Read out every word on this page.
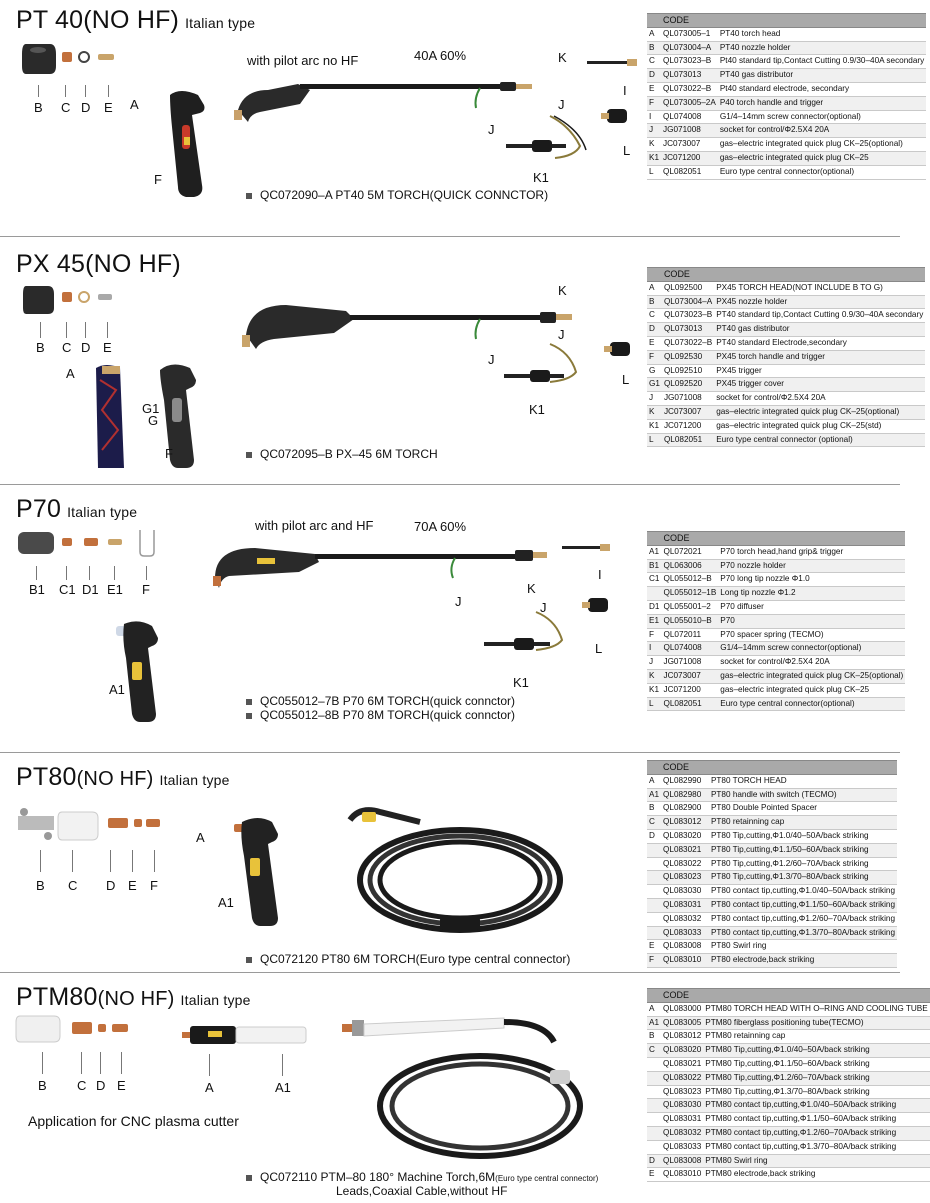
PT 40(NO HF) Italian type
B C D E A
F
with pilot arc no HF	40A 60%	K
J
I
J
K1
L
QC072090–A PT40 5M TORCH(QUICK CONNCTOR)
	CODE	
A	QL073005–1	PT40 torch head
B	QL073004–A	PT40 nozzle holder
C	QL073023–B	Pt40 standard tip,Contact Cutting 0.9/30–40A secondary
D	QL073013	PT40 gas distributor
E	QL073022–B	Pt40 standard electrode, secondary
F	QL073005–2A	P40 torch handle and trigger
I	QL074008	G1/4–14mm screw connector(optional)
J	JG071008	socket for control/Φ2.5X4 20A
K	JC073007	gas–electric integrated quick plug CK–25(optional)
K1	JC071200	gas–electric integrated quick plug CK–25
L	QL082051	Euro type central connector(optional)
PX 45(NO HF)
B C D E
A
G1
G
F
K
J
J
K1
L
QC072095–B PX–45 6M TORCH
	CODE	
A	QL092500	PX45 TORCH HEAD(NOT INCLUDE B TO G)
B	QL073004–A	PX45 nozzle holder
C	QL073023–B	PT40 standard tip,Contact Cutting 0.9/30–40A secondary
D	QL073013	PT40 gas distributor
E	QL073022–B	PT40 standard Electrode,secondary
F	QL092530	PX45 torch handle and trigger
G	QL092510	PX45 trigger
G1	QL092520	PX45 trigger cover
J	JG071008	socket for control/Φ2.5X4 20A
K	JC073007	gas–electric integrated quick plug CK–25(optional)
K1	JC071200	gas–electric integrated quick plug CK–25(std)
L	QL082051	Euro type central connector (optional)
P70 Italian type
B1 C1 D1 E1 F
A1
with pilot arc and HF	70A 60%
J
K
I
J
K1
L
QC055012–7B P70 6M TORCH(quick connctor)
QC055012–8B P70 8M TORCH(quick connctor)
	CODE	
A1	QL072021	P70 torch head,hand grip& trigger
B1	QL063006	P70 nozzle holder
C1	QL055012–B	P70 long tip nozzle Φ1.0
	QL055012–1B	Long tip nozzle Φ1.2
D1	QL055001–2	P70 diffuser
E1	QL055010–B	P70
F	QL072011	P70 spacer spring (TECMO)
I	QL074008	G1/4–14mm screw connector(optional)
J	JG071008	socket for control/Φ2.5X4 20A
K	JC073007	gas–electric integrated quick plug CK–25(optional)
K1	JC071200	gas–electric integrated quick plug CK–25
L	QL082051	Euro type central connector(optional)
PT80(NO HF) Italian type
B C D E F
A
A1
QC072120 PT80 6M TORCH(Euro type central connector)
	CODE	
A	QL082990	PT80 TORCH HEAD
A1	QL082980	PT80 handle with switch (TECMO)
B	QL082900	PT80 Double Pointed Spacer
C	QL083012	PT80 retainning cap
D	QL083020	PT80 Tip,cutting,Φ1.0/40–50A/back striking
	QL083021	PT80 Tip,cutting,Φ1.1/50–60A/back striking
	QL083022	PT80 Tip,cutting,Φ1.2/60–70A/back striking
	QL083023	PT80 Tip,cutting,Φ1.3/70–80A/back striking
	QL083030	PT80 contact tip,cutting,Φ1.0/40–50A/back striking
	QL083031	PT80 contact tip,cutting,Φ1.1/50–60A/back striking
	QL083032	PT80 contact tip,cutting,Φ1.2/60–70A/back striking
	QL083033	PT80 contact tip,cutting,Φ1.3/70–80A/back striking
E	QL083008	PT80 Swirl ring
F	QL083010	PT80 electrode,back striking
PTM80(NO HF) Italian type
B C D E	A	A1
Application for CNC plasma cutter
QC072110 PTM–80 180° Machine Torch,6M(Euro type central connector)
Leads,Coaxial Cable,without HF
	CODE	
A	QL083000	PTM80 TORCH HEAD WITH O–RING AND COOLING TUBE
A1	QL083005	PTM80 fiberglass positioning tube(TECMO)
B	QL083012	PTM80 retainning cap
C	QL083020	PTM80 Tip,cutting,Φ1.0/40–50A/back striking
	QL083021	PTM80 Tip,cutting,Φ1.1/50–60A/back striking
	QL083022	PTM80 Tip,cutting,Φ1.2/60–70A/back striking
	QL083023	PTM80 Tip,cutting,Φ1.3/70–80A/back striking
	QL083030	PTM80 contact tip,cutting,Φ1.0/40–50A/back striking
	QL083031	PTM80 contact tip,cutting,Φ1.1/50–60A/back striking
	QL083032	PTM80 contact tip,cutting,Φ1.2/60–70A/back striking
	QL083033	PTM80 contact tip,cutting,Φ1.3/70–80A/back striking
D	QL083008	PTM80 Swirl ring
E	QL083010	PTM80 electrode,back striking
